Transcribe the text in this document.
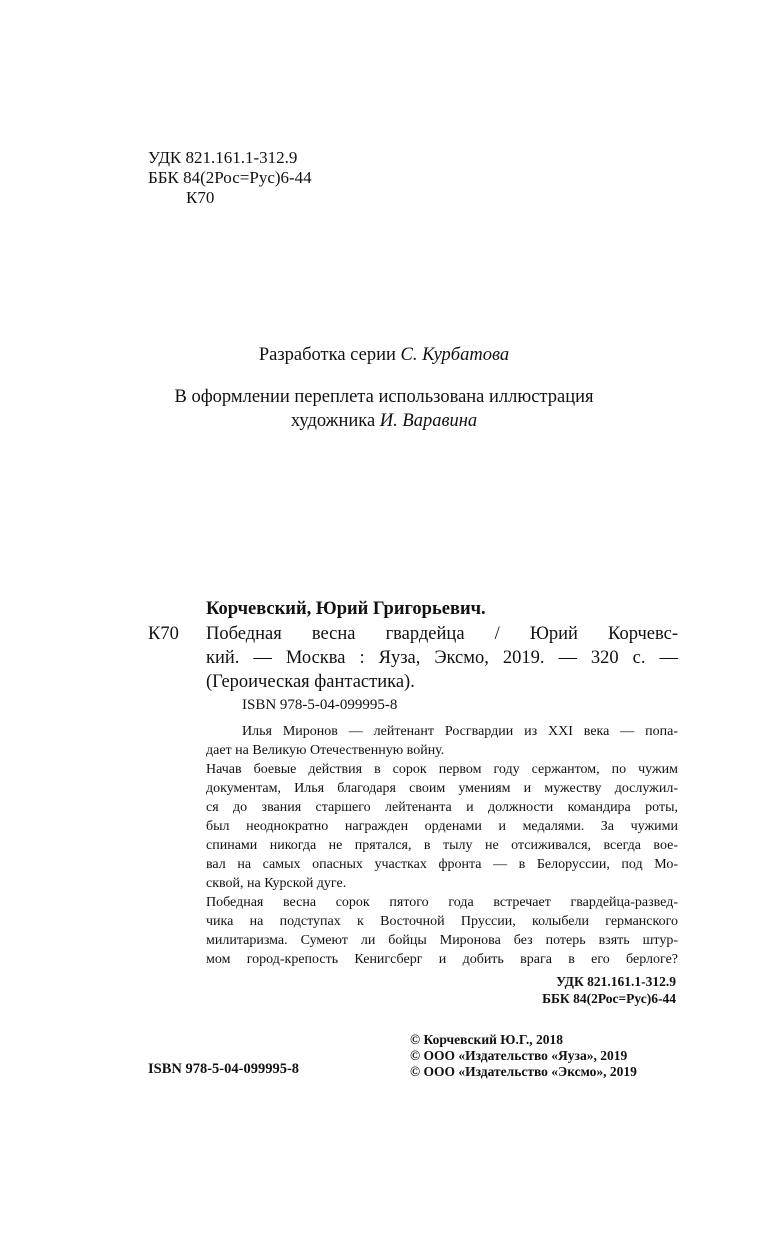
УДК 821.161.1-312.9
ББК 84(2Рос=Рус)6-44
К70
Разработка серии С. Курбатова
В оформлении переплета использована иллюстрация
художника И. Варавина
Корчевский, Юрий Григорьевич.
К70 Победная весна гвардейца / Юрий Корчевс-
кий. — Москва : Яуза, Эксмо, 2019. — 320 с. —
(Героическая фантастика).
ISBN 978-5-04-099995-8
Илья Миронов — лейтенант Росгвардии из XXI века — попа-
дает на Великую Отечественную войну.
Начав боевые действия в сорок первом году сержантом, по чужим
документам, Илья благодаря своим умениям и мужеству дослужил-
ся до звания старшего лейтенанта и должности командира роты,
был неоднократно награжден орденами и медалями. За чужими
спинами никогда не прятался, в тылу не отсиживался, всегда вое-
вал на самых опасных участках фронта — в Белоруссии, под Мо-
сквой, на Курской дуге.
Победная весна сорок пятого года встречает гвардейца-развед-
чика на подступах к Восточной Пруссии, колыбели германского
милитаризма. Сумеют ли бойцы Миронова без потерь взять штур-
мом город-крепость Кенигсберг и добить врага в его берлоге?
УДК 821.161.1-312.9
ББК 84(2Рос=Рус)6-44
ISBN 978-5-04-099995-8
© Корчевский Ю.Г., 2018
© ООО «Издательство «Яуза», 2019
© ООО «Издательство «Эксмо», 2019
